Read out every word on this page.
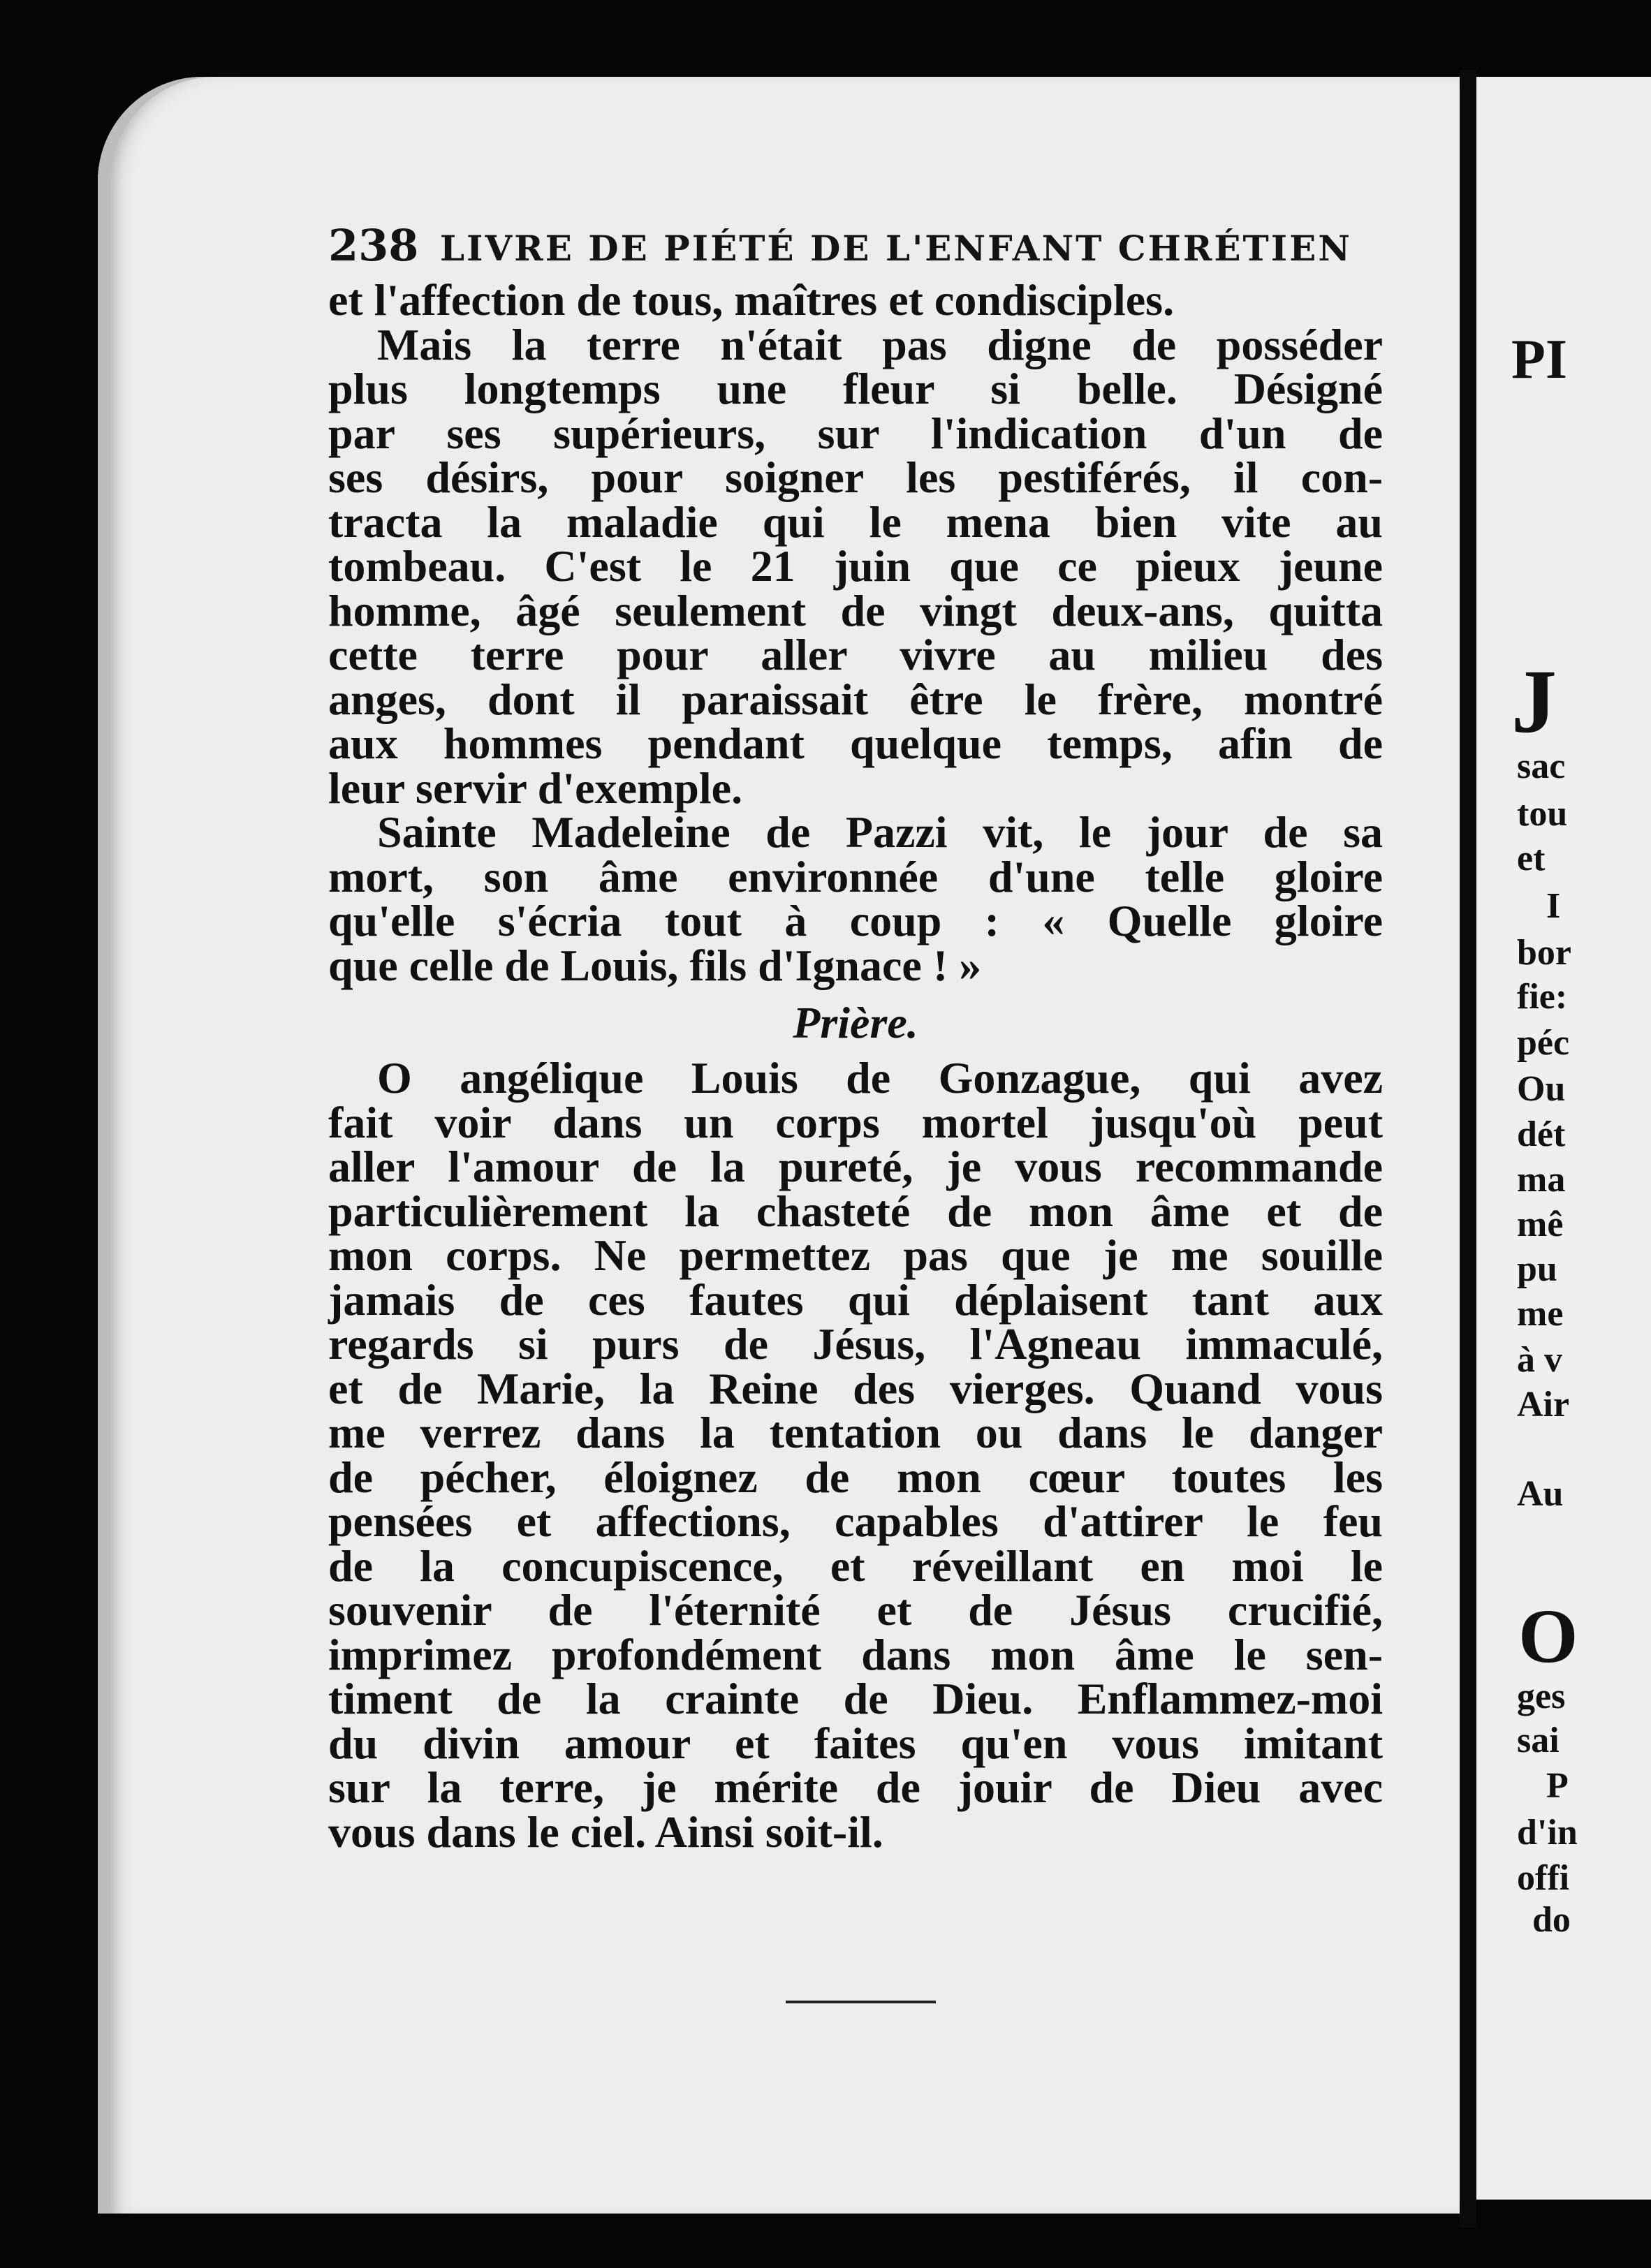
PI
J
sac
tou
et
I
bor
fie:
péc
Ou
dét
ma
mê
pu
me
à v
Air
Au
O
ges
sai
P
d'in
offi
do
238 LIVRE DE PIÉTÉ DE L'ENFANT CHRÉTIEN
et l'affection de tous, maîtres et condisciples.
Mais la terre n'était pas digne de posséder
plus longtemps une fleur si belle. Désigné
par ses supérieurs, sur l'indication d'un de
ses désirs, pour soigner les pestiférés, il con-
tracta la maladie qui le mena bien vite au
tombeau. C'est le 21 juin que ce pieux jeune
homme, âgé seulement de vingt deux-ans, quitta
cette terre pour aller vivre au milieu des
anges, dont il paraissait être le frère, montré
aux hommes pendant quelque temps, afin de
leur servir d'exemple.
Sainte Madeleine de Pazzi vit, le jour de sa
mort, son âme environnée d'une telle gloire
qu'elle s'écria tout à coup : « Quelle gloire
que celle de Louis, fils d'Ignace ! »
Prière.
O angélique Louis de Gonzague, qui avez
fait voir dans un corps mortel jusqu'où peut
aller l'amour de la pureté, je vous recommande
particulièrement la chasteté de mon âme et de
mon corps. Ne permettez pas que je me souille
jamais de ces fautes qui déplaisent tant aux
regards si purs de Jésus, l'Agneau immaculé,
et de Marie, la Reine des vierges. Quand vous
me verrez dans la tentation ou dans le danger
de pécher, éloignez de mon cœur toutes les
pensées et affections, capables d'attirer le feu
de la concupiscence, et réveillant en moi le
souvenir de l'éternité et de Jésus crucifié,
imprimez profondément dans mon âme le sen-
timent de la crainte de Dieu. Enflammez-moi
du divin amour et faites qu'en vous imitant
sur la terre, je mérite de jouir de Dieu avec
vous dans le ciel. Ainsi soit-il.
